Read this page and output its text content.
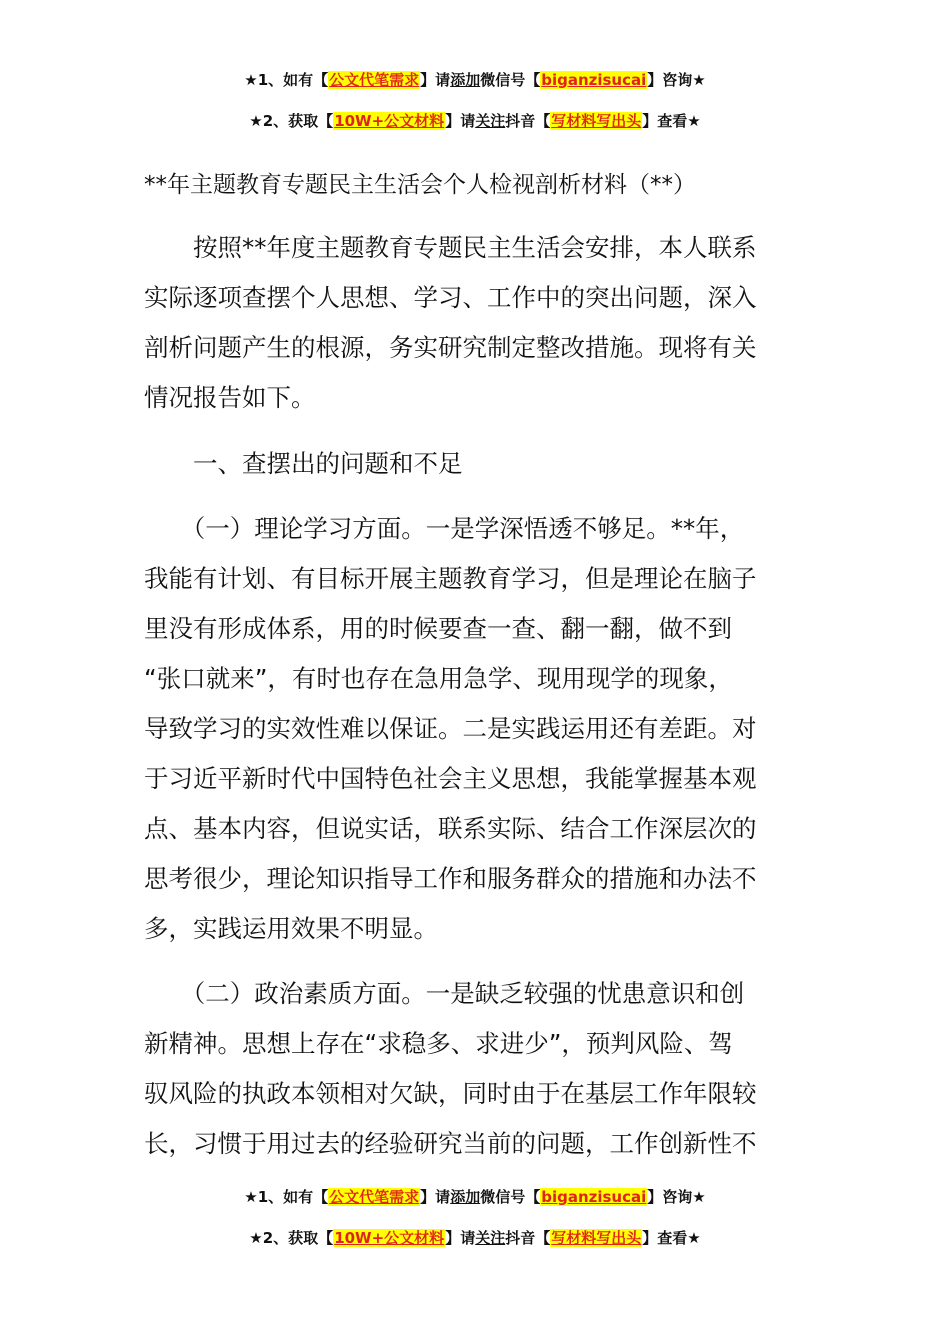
★1、如有【公文代笔需求】请添加微信号【biganzisucai】咨询★
★2、获取【10W+公文材料】请关注抖音【写材料写出头】查看★
**年主题教育专题民主生活会个人检视剖析材料（**）
　　按照**年度主题教育专题民主生活会安排，本人联系
实际逐项查摆个人思想、学习、工作中的突出问题，深入
剖析问题产生的根源，务实研究制定整改措施。现将有关
情况报告如下。
　　一、查摆出的问题和不足
　　（一）理论学习方面。一是学深悟透不够足。**年，
我能有计划、有目标开展主题教育学习，但是理论在脑子
里没有形成体系，用的时候要查一查、翻一翻，做不到
“张口就来”，有时也存在急用急学、现用现学的现象，
导致学习的实效性难以保证。二是实践运用还有差距。对
于习近平新时代中国特色社会主义思想，我能掌握基本观
点、基本内容，但说实话，联系实际、结合工作深层次的
思考很少，理论知识指导工作和服务群众的措施和办法不
多，实践运用效果不明显。
　　（二）政治素质方面。一是缺乏较强的忧患意识和创
新精神。思想上存在“求稳多、求进少”，预判风险、驾
驭风险的执政本领相对欠缺，同时由于在基层工作年限较
长，习惯于用过去的经验研究当前的问题，工作创新性不
★1、如有【公文代笔需求】请添加微信号【biganzisucai】咨询★
★2、获取【10W+公文材料】请关注抖音【写材料写出头】查看★
